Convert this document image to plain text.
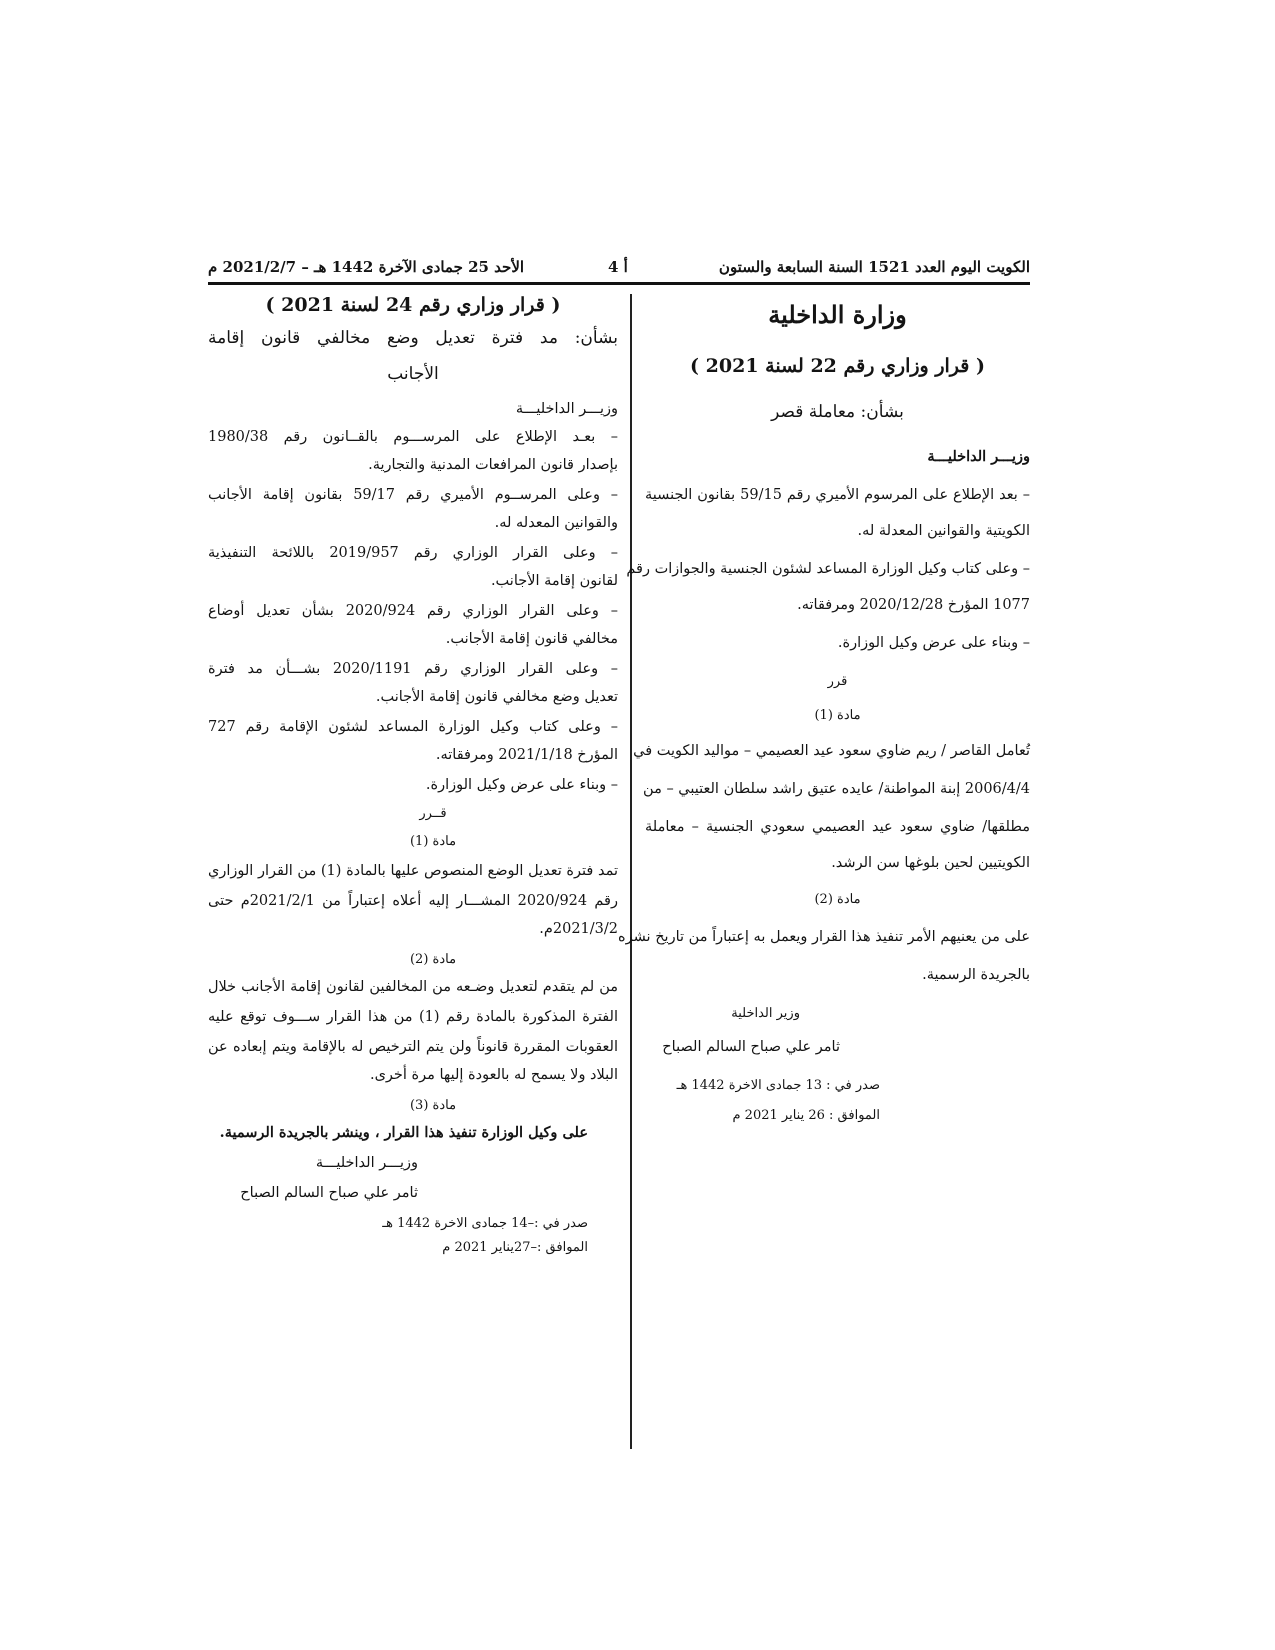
الكويت اليوم العدد 1521 السنة السابعة والستون
أ 4
الأحد 25 جمادى الآخرة 1442 هـ – 2021/2/7 م
وزارة الداخلية
( قرار وزاري رقم 22 لسنة 2021 )
بشأن: معاملة قصر
وزيـــر الداخليـــة
– بعد الإطلاع على المرسوم الأميري رقم 59/15 بقانون الجنسية
الكويتية والقوانين المعدلة له.
– وعلى كتاب وكيل الوزارة المساعد لشئون الجنسية والجوازات رقم
1077 المؤرخ 2020/12/28 ومرفقاته.
– وبناء على عرض وكيل الوزارة.
قرر
مادة (1)
تُعامل القاصر / ريم ضاوي سعود عيد العصيمي – مواليد الكويت في
2006/4/4 إبنة المواطنة/ عايده عتيق راشد سلطان العتيبي – من
مطلقها/ ضاوي سعود عيد العصيمي سعودي الجنسية – معاملة
الكويتيين لحين بلوغها سن الرشد.
مادة (2)
على من يعنيهم الأمر تنفيذ هذا القرار ويعمل به إعتباراً من تاريخ نشره
بالجريدة الرسمية.
وزير الداخلية
ثامر علي صباح السالم الصباح
صدر في : 13 جمادى الاخرة 1442 هـ
الموافق : 26 يناير 2021 م
( قرار وزاري رقم 24 لسنة 2021 )
بشأن: مد فترة تعديل وضع مخالفي قانون إقامة
الأجانب
وزيـــر الداخليـــة
– بعـد الإطلاع على المرســـوم بالقــانون رقم 1980/38
بإصدار قانون المرافعات المدنية والتجارية.
– وعلى المرســوم الأميري رقم 59/17 بقانون إقامة الأجانب
والقوانين المعدله له.
– وعلى القرار الوزاري رقم 2019/957 باللائحة التنفيذية
لقانون إقامة الأجانب.
– وعلى القرار الوزاري رقم 2020/924 بشأن تعديل أوضاع
مخالفي قانون إقامة الأجانب.
– وعلى القرار الوزاري رقم 2020/1191 بشـــأن مد فترة
تعديل وضع مخالفي قانون إقامة الأجانب.
– وعلى كتاب وكيل الوزارة المساعد لشئون الإقامة رقم 727
المؤرخ 2021/1/18 ومرفقاته.
– وبناء على عرض وكيل الوزارة.
قــرر
مادة (1)
تمد فترة تعديل الوضع المنصوص عليها بالمادة (1) من القرار الوزاري
رقم 2020/924 المشـــار إليه أعلاه إعتباراً من 2021/2/1م حتى
2021/3/2م.
مادة (2)
من لم يتقدم لتعديل وضـعه من المخالفين لقانون إقامة الأجانب خلال
الفترة المذكورة بالمادة رقم (1) من هذا القرار ســـوف توقع عليه
العقوبات المقررة قانوناً ولن يتم الترخيص له بالإقامة ويتم إبعاده عن
البلاد ولا يسمح له بالعودة إليها مرة أخرى.
مادة (3)
على وكيل الوزارة تنفيذ هذا القرار ، وينشر بالجريدة الرسمية.
وزيـــر الداخليـــة
ثامر علي صباح السالم الصباح
صدر في :–14 جمادى الاخرة 1442 هـ
الموافق :–27يناير 2021 م
